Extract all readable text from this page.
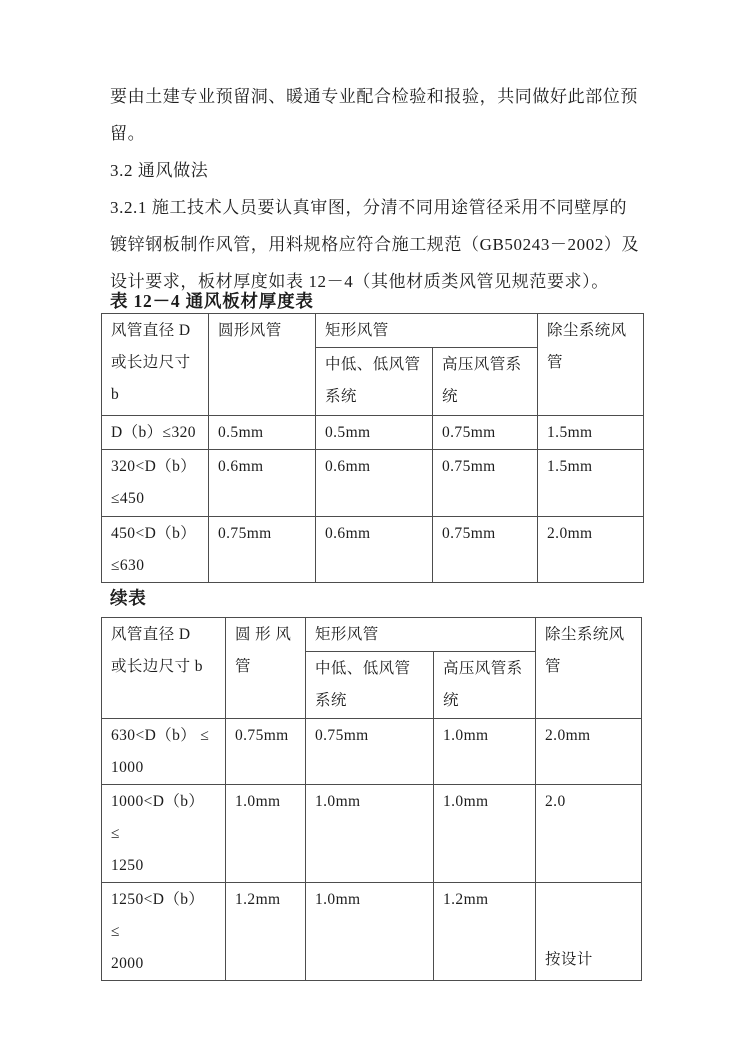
要由土建专业预留洞、暖通专业配合检验和报验，共同做好此部位预
留。
3.2 通风做法
3.2.1 施工技术人员要认真审图，分清不同用途管径采用不同壁厚的
镀锌钢板制作风管，用料规格应符合施工规范（GB50243－2002）及
设计要求，板材厚度如表 12－4（其他材质类风管见规范要求）。
表 12－4 通风板材厚度表
风管直径 D
或长边尺寸
b	圆形风管	矩形风管		除尘系统风
管
		中低、低风管
系统	高压风管系
统	
D（b）≤320	0.5mm	0.5mm	0.75mm	1.5mm
320<D（b）
≤450	0.6mm	0.6mm	0.75mm	1.5mm
450<D（b）
≤630	0.75mm	0.6mm	0.75mm	2.0mm
续表
风管直径 D
或长边尺寸 b	圆 形 风
管	矩形风管		除尘系统风
管
		中低、低风管
系统	高压风管系
统	
630<D（b） ≤
1000	0.75mm	0.75mm	1.0mm	2.0mm
1000<D（b） ≤
1250	1.0mm	1.0mm	1.0mm	2.0
1250<D（b） ≤
2000	1.2mm	1.0mm	1.2mm	按设计
